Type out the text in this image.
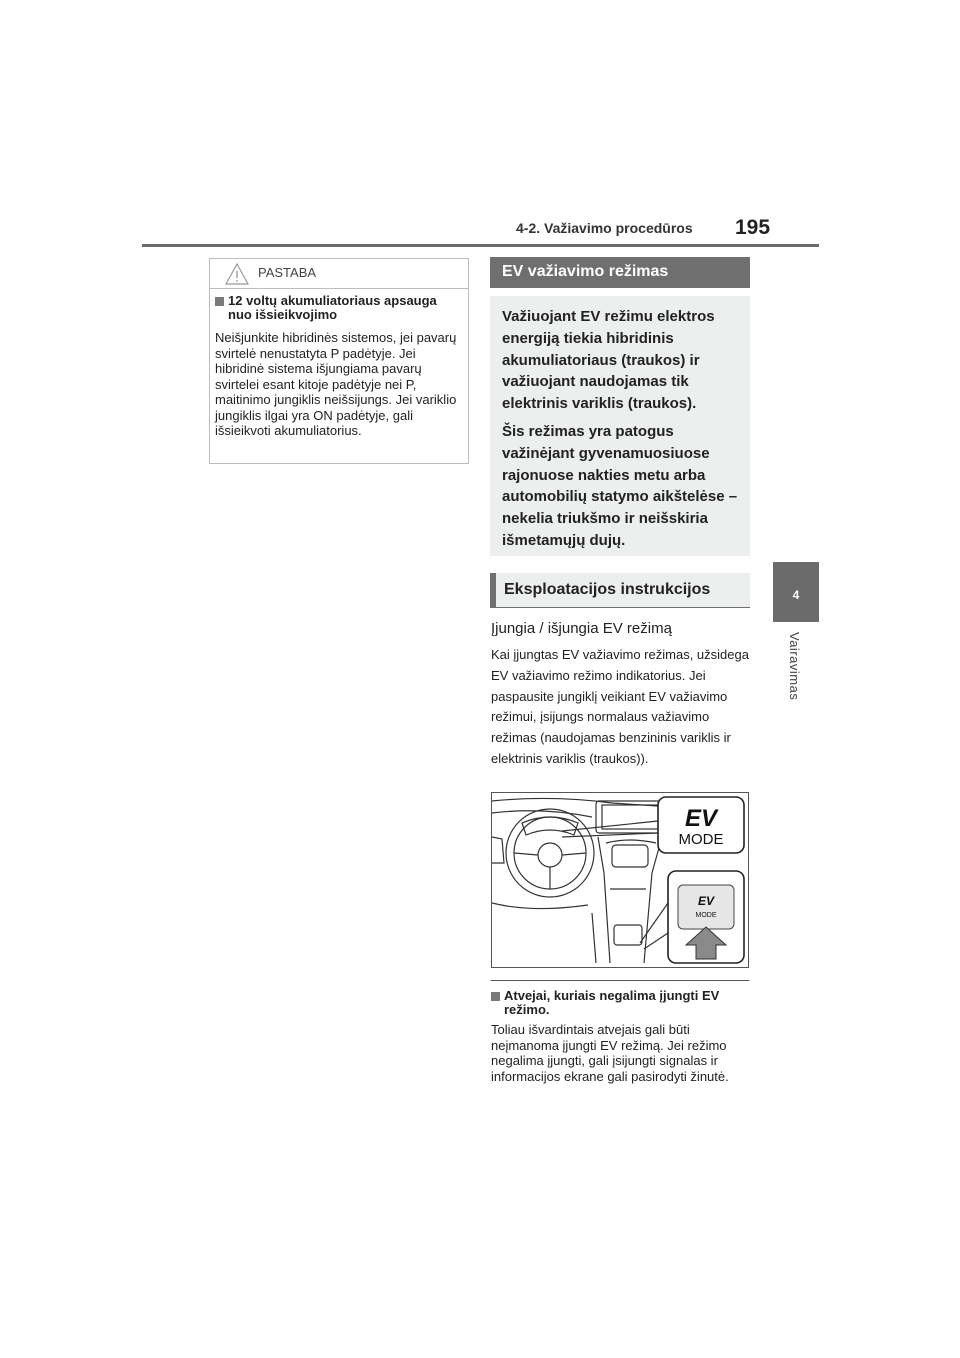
4-2. Važiavimo procedūros 195
4
Vairavimas
PASTABA
12 voltų akumuliatoriaus apsauga nuo išsieikvojimo
Neišjunkite hibridinės sistemos, jei pavarų svirtelė nenustatyta P padėtyje. Jei hibridinė sistema išjungiama pavarų svirtelei esant kitoje padėtyje nei P, maitinimo jungiklis neišsijungs. Jei variklio jungiklis ilgai yra ON padėtyje, gali išsieikvoti akumuliatorius.
EV važiavimo režimas

Važiuojant EV režimu elektros energiją tiekia hibridinis akumuliatoriaus (traukos) ir važiuojant naudojamas tik elektrinis variklis (traukos).

Šis režimas yra patogus važinėjant gyvenamuosiuose rajonuose nakties metu arba automobilių statymo aikštelėse – nekelia triukšmo ir neišskiria išmetamųjų dujų.

Eksploatacijos instrukcijos
Įjungia / išjungia EV režimą
Kai įjungtas EV važiavimo režimas, užsidega EV važiavimo režimo indikatorius. Jei paspausite jungiklį veikiant EV važiavimo režimui, įsijungs normalaus važiavimo režimas (naudojamas benzininis variklis ir elektrinis variklis (traukos)).
EV
MODE
EV
MODE
Atvejai, kuriais negalima įjungti EV režimo.
Toliau išvardintais atvejais gali būti neįmanoma įjungti EV režimą. Jei režimo negalima įjungti, gali įsijungti signalas ir informacijos ekrane gali pasirodyti žinutė.
